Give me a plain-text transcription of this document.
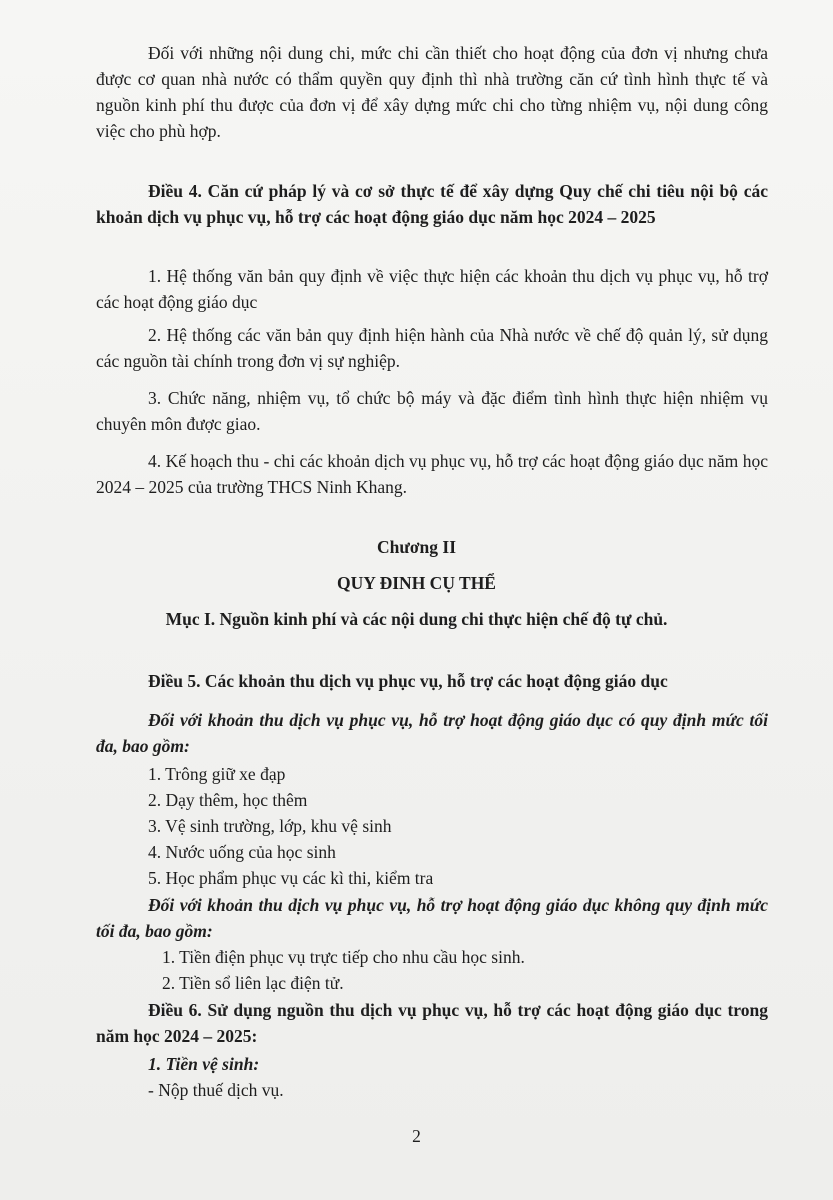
Đối với những nội dung chi, mức chi cần thiết cho hoạt động của đơn vị nhưng chưa được cơ quan nhà nước có thẩm quyền quy định thì nhà trường căn cứ tình hình thực tế và nguồn kinh phí thu được của đơn vị để xây dựng mức chi cho từng nhiệm vụ, nội dung công việc cho phù hợp.

Điều 4. Căn cứ pháp lý và cơ sở thực tế để xây dựng Quy chế chi tiêu nội bộ các khoản dịch vụ phục vụ, hỗ trợ các hoạt động giáo dục năm học 2024 – 2025

1. Hệ thống văn bản quy định về việc thực hiện các khoản thu dịch vụ phục vụ, hỗ trợ các hoạt động giáo dục

2. Hệ thống các văn bản quy định hiện hành của Nhà nước về chế độ quản lý, sử dụng các nguồn tài chính trong đơn vị sự nghiệp.

3. Chức năng, nhiệm vụ, tổ chức bộ máy và đặc điểm tình hình thực hiện nhiệm vụ chuyên môn được giao.

4. Kế hoạch thu - chi các khoản dịch vụ phục vụ, hỗ trợ các hoạt động giáo dục năm học 2024 – 2025 của trường THCS Ninh Khang.

Chương II
QUY ĐINH CỤ THỂ
Mục I. Nguồn kinh phí và các nội dung chi thực hiện chế độ tự chủ.

Điều 5. Các khoản thu dịch vụ phục vụ, hỗ trợ các hoạt động giáo dục

Đối với khoản thu dịch vụ phục vụ, hỗ trợ hoạt động giáo dục có quy định mức tối đa, bao gồm:

1. Trông giữ xe đạp

2. Dạy thêm, học thêm

3. Vệ sinh trường, lớp, khu vệ sinh

4. Nước uống của học sinh

5. Học phẩm phục vụ các kì thi, kiểm tra

Đối với khoản thu dịch vụ phục vụ, hỗ trợ hoạt động giáo dục không quy định mức tối đa, bao gồm:

1. Tiền điện phục vụ trực tiếp cho nhu cầu học sinh.

2. Tiền sổ liên lạc điện tử.

Điều 6. Sử dụng nguồn thu dịch vụ phục vụ, hỗ trợ các hoạt động giáo dục trong năm học 2024 – 2025:

1. Tiền vệ sinh:

- Nộp thuế dịch vụ.

2
